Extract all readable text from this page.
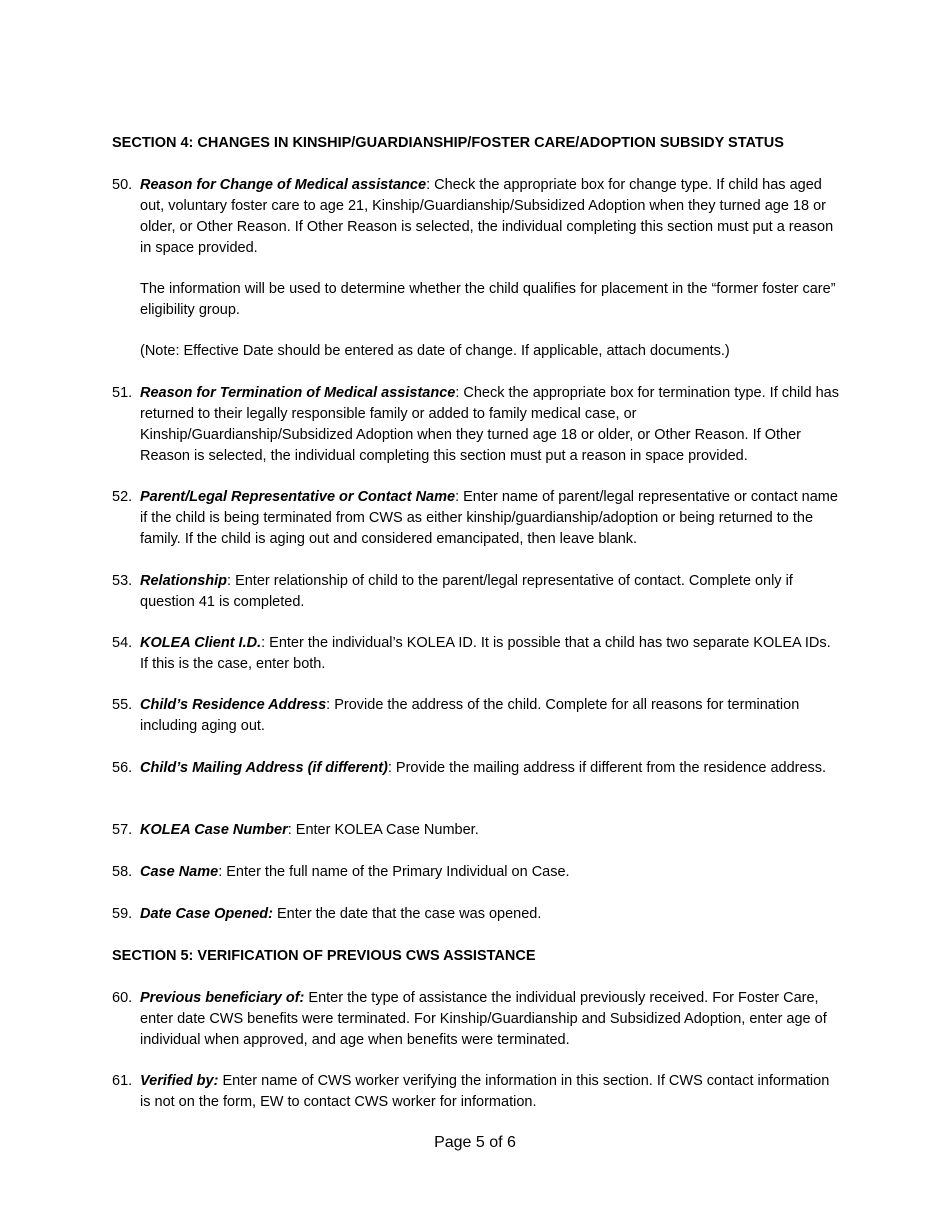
SECTION 4: CHANGES IN KINSHIP/GUARDIANSHIP/FOSTER CARE/ADOPTION SUBSIDY STATUS
50. Reason for Change of Medical assistance: Check the appropriate box for change type. If child has aged out, voluntary foster care to age 21, Kinship/Guardianship/Subsidized Adoption when they turned age 18 or older, or Other Reason. If Other Reason is selected, the individual completing this section must put a reason in space provided.
The information will be used to determine whether the child qualifies for placement in the “former foster care” eligibility group.
(Note: Effective Date should be entered as date of change. If applicable, attach documents.)
51. Reason for Termination of Medical assistance: Check the appropriate box for termination type. If child has returned to their legally responsible family or added to family medical case, or Kinship/Guardianship/Subsidized Adoption when they turned age 18 or older, or Other Reason. If Other Reason is selected, the individual completing this section must put a reason in space provided.
52. Parent/Legal Representative or Contact Name: Enter name of parent/legal representative or contact name if the child is being terminated from CWS as either kinship/guardianship/adoption or being returned to the family. If the child is aging out and considered emancipated, then leave blank.
53. Relationship: Enter relationship of child to the parent/legal representative of contact. Complete only if question 41 is completed.
54. KOLEA Client I.D.: Enter the individual’s KOLEA ID. It is possible that a child has two separate KOLEA IDs. If this is the case, enter both.
55. Child’s Residence Address: Provide the address of the child. Complete for all reasons for termination including aging out.
56. Child’s Mailing Address (if different): Provide the mailing address if different from the residence address.
57. KOLEA Case Number: Enter KOLEA Case Number.
58. Case Name: Enter the full name of the Primary Individual on Case.
59. Date Case Opened: Enter the date that the case was opened.
SECTION 5: VERIFICATION OF PREVIOUS CWS ASSISTANCE
60. Previous beneficiary of: Enter the type of assistance the individual previously received. For Foster Care, enter date CWS benefits were terminated. For Kinship/Guardianship and Subsidized Adoption, enter age of individual when approved, and age when benefits were terminated.
61. Verified by: Enter name of CWS worker verifying the information in this section. If CWS contact information is not on the form, EW to contact CWS worker for information.
Page 5 of 6
